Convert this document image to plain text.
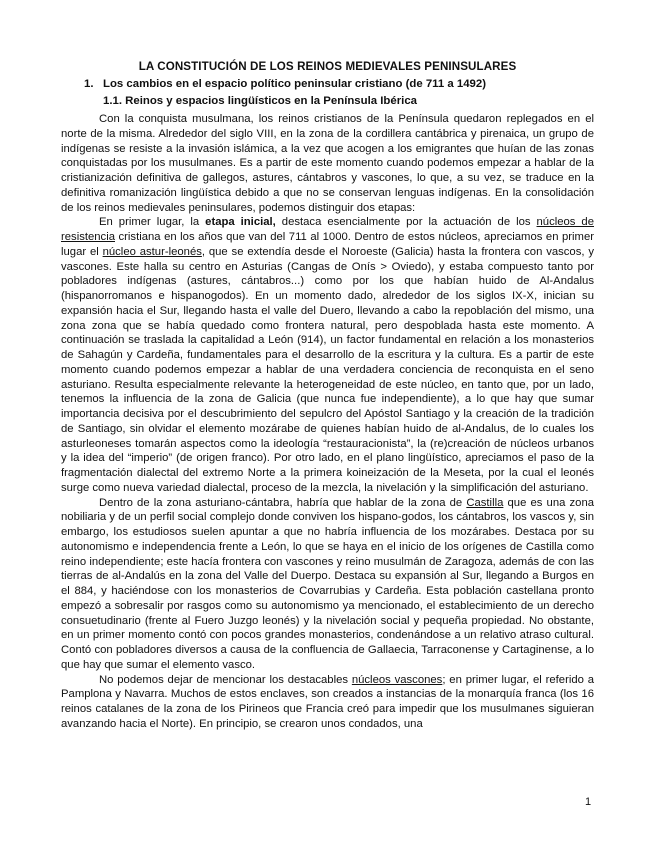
LA CONSTITUCIÓN DE LOS REINOS MEDIEVALES PENINSULARES
1. Los cambios en el espacio político peninsular cristiano (de 711 a 1492)
1.1. Reinos y espacios lingüísticos en la Península Ibérica

Con la conquista musulmana, los reinos cristianos de la Península quedaron replegados en el norte de la misma. Alrededor del siglo VIII, en la zona de la cordillera cantábrica y pirenaica, un grupo de indígenas se resiste a la invasión islámica, a la vez que acogen a los emigrantes que huían de las zonas conquistadas por los musulmanes. Es a partir de este momento cuando podemos empezar a hablar de la cristianización definitiva de gallegos, astures, cántabros y vascones, lo que, a su vez, se traduce en la definitiva romanización lingüística debido a que no se conservan lenguas indígenas. En la consolidación de los reinos medievales peninsulares, podemos distinguir dos etapas:

En primer lugar, la etapa inicial, destaca esencialmente por la actuación de los núcleos de resistencia cristiana en los años que van del 711 al 1000. Dentro de estos núcleos, apreciamos en primer lugar el núcleo astur-leonés, que se extendía desde el Noroeste (Galicia) hasta la frontera con vascos, y vascones. Este halla su centro en Asturias (Cangas de Onís > Oviedo), y estaba compuesto tanto por pobladores indígenas (astures, cántabros...) como por los que habían huido de Al-Andalus (hispanorromanos e hispanogodos). En un momento dado, alrededor de los siglos IX-X, inician su expansión hacia el Sur, llegando hasta el valle del Duero, llevando a cabo la repoblación del mismo, una zona zona que se había quedado como frontera natural, pero despoblada hasta este momento. A continuación se traslada la capitalidad a León (914), un factor fundamental en relación a los monasterios de Sahagún y Cardeña, fundamentales para el desarrollo de la escritura y la cultura. Es a partir de este momento cuando podemos empezar a hablar de una verdadera conciencia de reconquista en el seno asturiano. Resulta especialmente relevante la heterogeneidad de este núcleo, en tanto que, por un lado, tenemos la influencia de la zona de Galicia (que nunca fue independiente), a lo que hay que sumar importancia decisiva por el descubrimiento del sepulcro del Apóstol Santiago y la creación de la tradición de Santiago, sin olvidar el elemento mozárabe de quienes habían huido de al-Andalus, de lo cuales los asturleoneses tomarán aspectos como la ideología “restauracionista”, la (re)creación de núcleos urbanos y la idea del “imperio” (de origen franco). Por otro lado, en el plano lingüístico, apreciamos el paso de la fragmentación dialectal del extremo Norte a la primera koineización de la Meseta, por la cual el leonés surge como nueva variedad dialectal, proceso de la mezcla, la nivelación y la simplificación del asturiano.

Dentro de la zona asturiano-cántabra, habría que hablar de la zona de Castilla que es una zona nobiliaria y de un perfil social complejo donde conviven los hispano-godos, los cántabros, los vascos y, sin embargo, los estudiosos suelen apuntar a que no habría influencia de los mozárabes. Destaca por su autonomismo e independencia frente a León, lo que se haya en el inicio de los orígenes de Castilla como reino independiente; este hacía frontera con vascones y reino musulmán de Zaragoza, además de con las tierras de al-Andalús en la zona del Valle del Duerpo. Destaca su expansión al Sur, llegando a Burgos en el 884, y haciéndose con los monasterios de Covarrubias y Cardeña. Esta población castellana pronto empezó a sobresalir por rasgos como su autonomismo ya mencionado, el establecimiento de un derecho consuetudinario (frente al Fuero Juzgo leonés) y la nivelación social y pequeña propiedad. No obstante, en un primer momento contó con pocos grandes monasterios, condenándose a un relativo atraso cultural. Contó con pobladores diversos a causa de la confluencia de Gallaecia, Tarraconense y Cartaginense, a lo que hay que sumar el elemento vasco.

No podemos dejar de mencionar los destacables núcleos vascones; en primer lugar, el referido a Pamplona y Navarra. Muchos de estos enclaves, son creados a instancias de la monarquía franca (los 16 reinos catalanes de la zona de los Pirineos que Francia creó para impedir que los musulmanes siguieran avanzando hacia el Norte). En principio, se crearon unos condados, una

1
